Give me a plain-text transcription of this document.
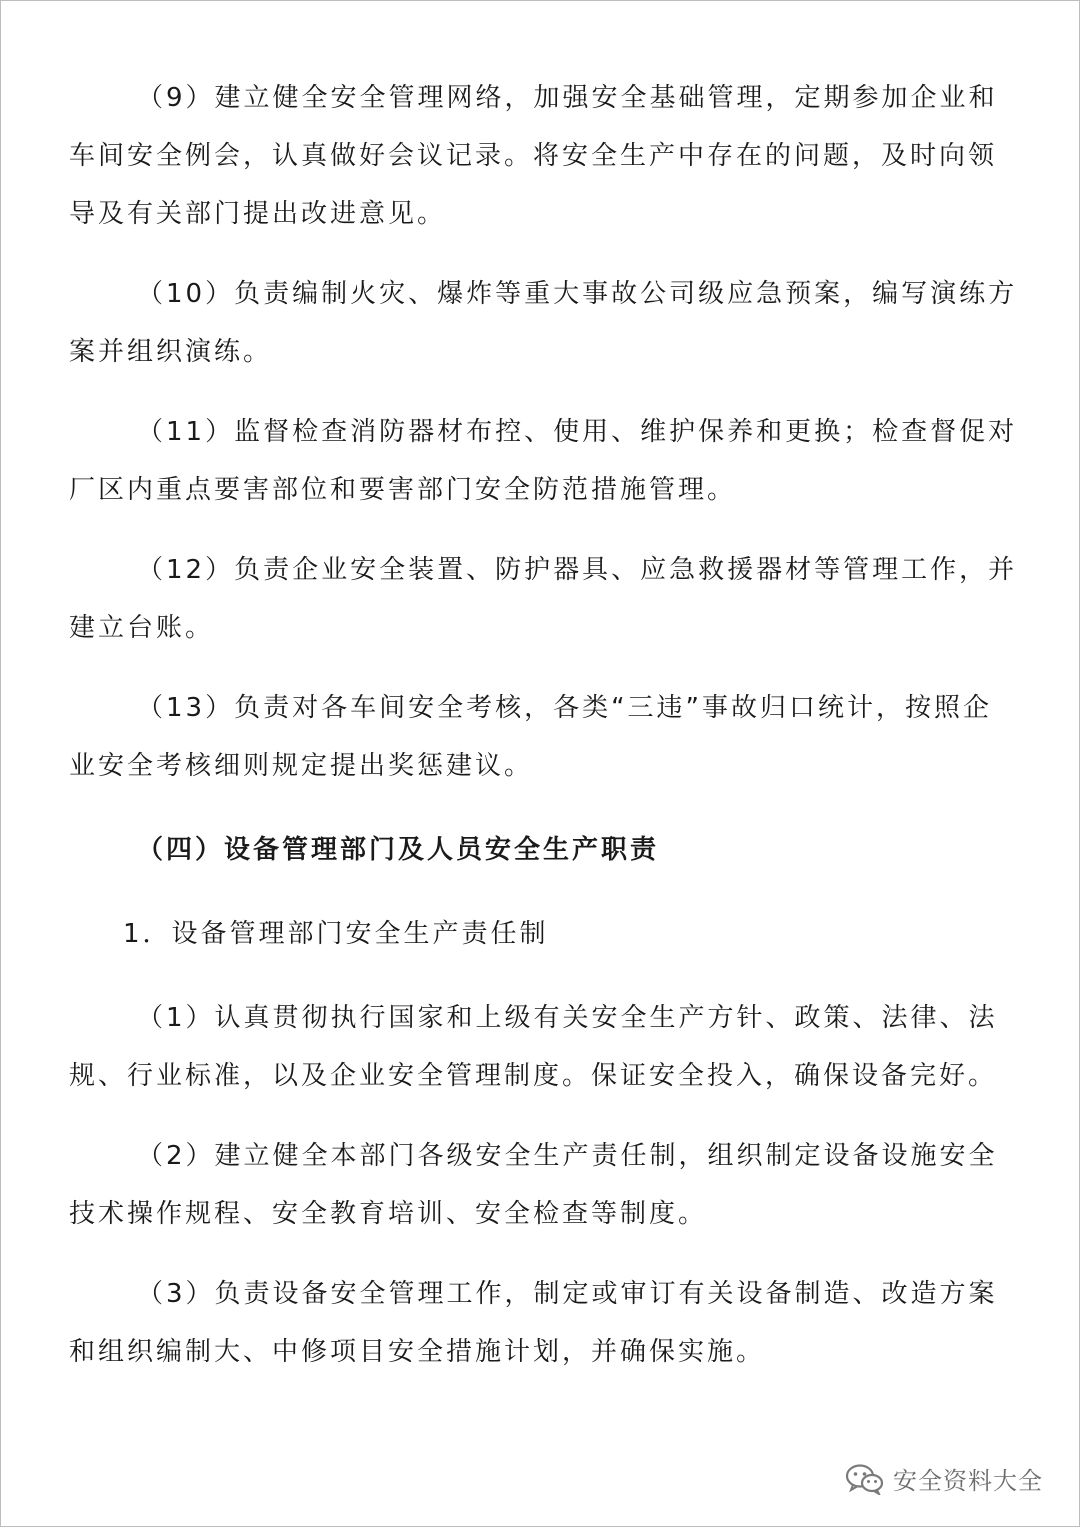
（9）建立健全安全管理网络，加强安全基础管理，定期参加企业和车间安全例会，认真做好会议记录。将安全生产中存在的问题，及时向领导及有关部门提出改进意见。

（10）负责编制火灾、爆炸等重大事故公司级应急预案，编写演练方案并组织演练。

（11）监督检查消防器材布控、使用、维护保养和更换；检查督促对厂区内重点要害部位和要害部门安全防范措施管理。

（12）负责企业安全装置、防护器具、应急救援器材等管理工作，并建立台账。

（13）负责对各车间安全考核，各类“三违”事故归口统计，按照企业安全考核细则规定提出奖惩建议。

（四）设备管理部门及人员安全生产职责

1．设备管理部门安全生产责任制

（1）认真贯彻执行国家和上级有关安全生产方针、政策、法律、法规、行业标准，以及企业安全管理制度。保证安全投入，确保设备完好。

（2）建立健全本部门各级安全生产责任制，组织制定设备设施安全技术操作规程、安全教育培训、安全检查等制度。

（3）负责设备安全管理工作，制定或审订有关设备制造、改造方案和组织编制大、中修项目安全措施计划，并确保实施。

安全资料大全
